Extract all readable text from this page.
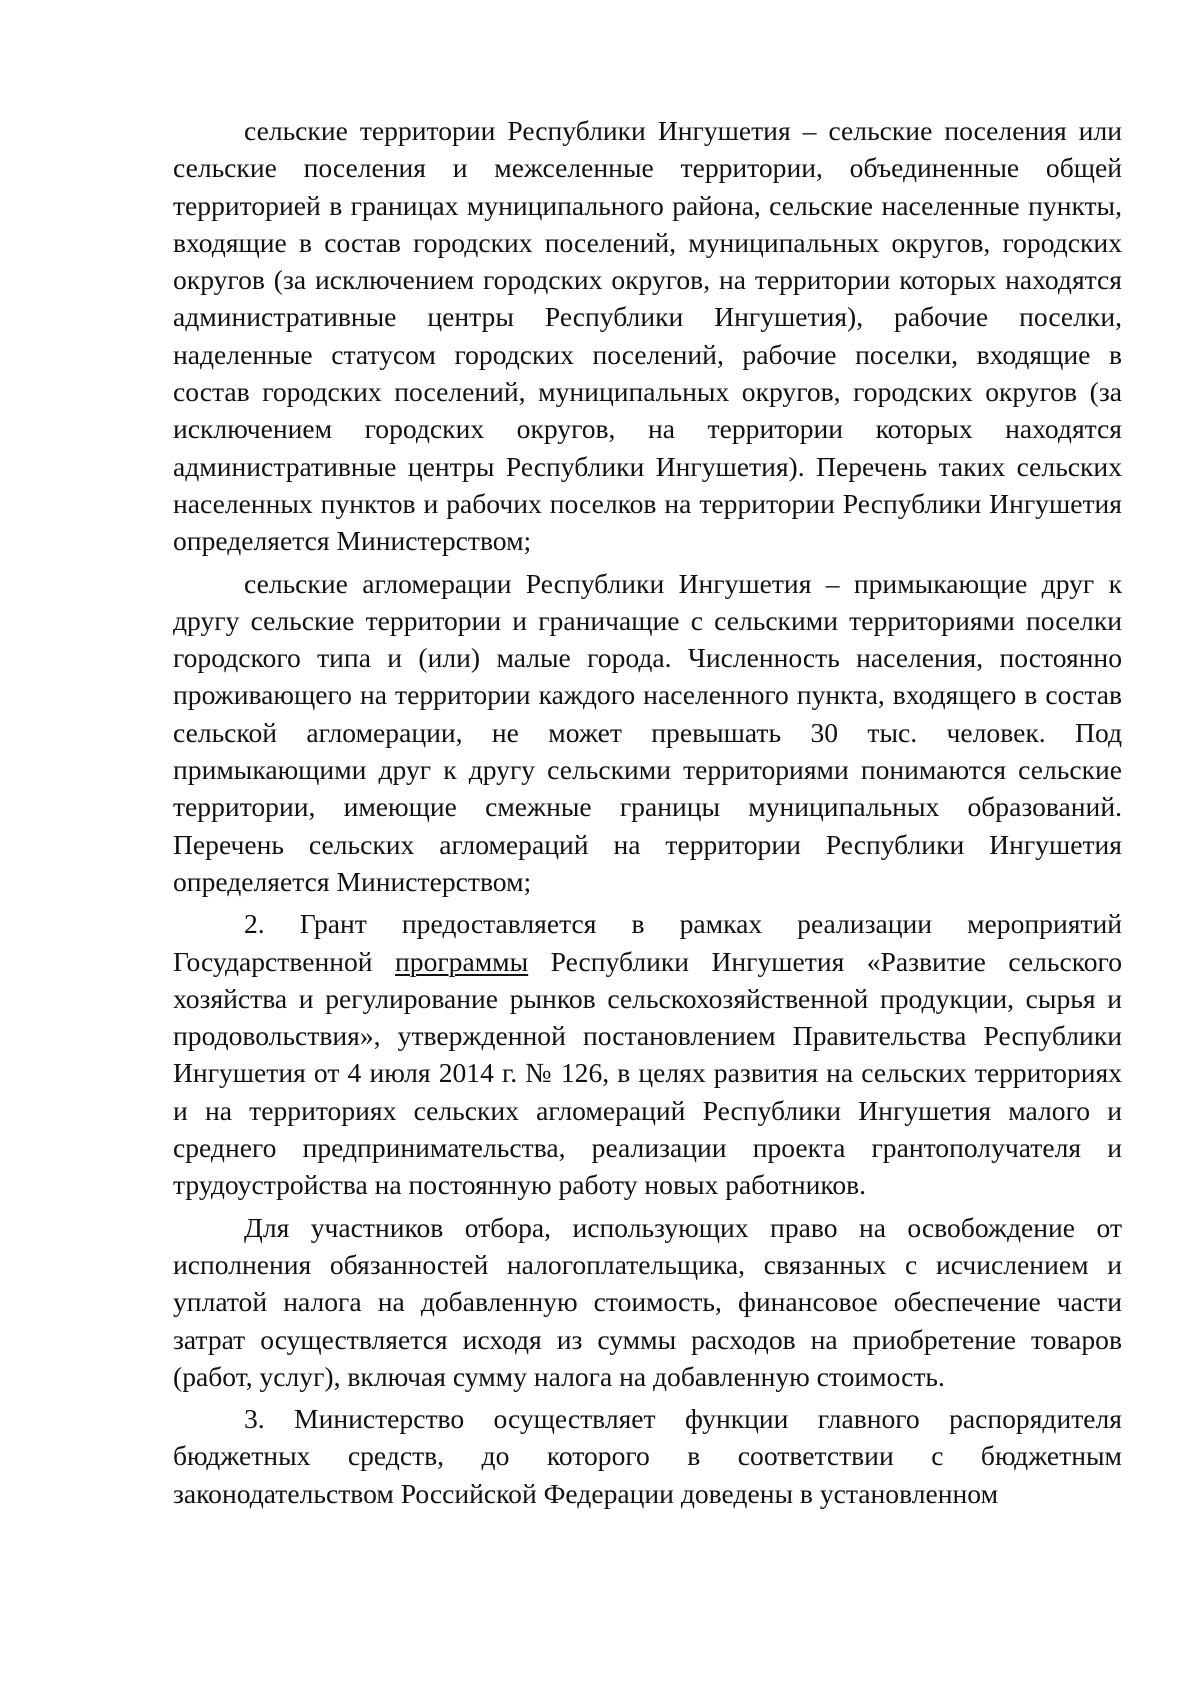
сельские территории Республики Ингушетия – сельские поселения или сельские поселения и межселенные территории, объединенные общей территорией в границах муниципального района, сельские населенные пункты, входящие в состав городских поселений, муниципальных округов, городских округов (за исключением городских округов, на территории которых находятся административные центры Республики Ингушетия), рабочие поселки, наделенные статусом городских поселений, рабочие поселки, входящие в состав городских поселений, муниципальных округов, городских округов (за исключением городских округов, на территории которых находятся административные центры Республики Ингушетия). Перечень таких сельских населенных пунктов и рабочих поселков на территории Республики Ингушетия определяется Министерством;

сельские агломерации Республики Ингушетия – примыкающие друг к другу сельские территории и граничащие с сельскими территориями поселки городского типа и (или) малые города. Численность населения, постоянно проживающего на территории каждого населенного пункта, входящего в состав сельской агломерации, не может превышать 30 тыс. человек. Под примыкающими друг к другу сельскими территориями понимаются сельские территории, имеющие смежные границы муниципальных образований. Перечень сельских агломераций на территории Республики Ингушетия определяется Министерством;

2. Грант предоставляется в рамках реализации мероприятий Государственной программы Республики Ингушетия «Развитие сельского хозяйства и регулирование рынков сельскохозяйственной продукции, сырья и продовольствия», утвержденной постановлением Правительства Республики Ингушетия от 4 июля 2014 г. № 126, в целях развития на сельских территориях и на территориях сельских агломераций Республики Ингушетия малого и среднего предпринимательства, реализации проекта грантополучателя и трудоустройства на постоянную работу новых работников.

Для участников отбора, использующих право на освобождение от исполнения обязанностей налогоплательщика, связанных с исчислением и уплатой налога на добавленную стоимость, финансовое обеспечение части затрат осуществляется исходя из суммы расходов на приобретение товаров (работ, услуг), включая сумму налога на добавленную стоимость.

3. Министерство осуществляет функции главного распорядителя бюджетных средств, до которого в соответствии с бюджетным законодательством Российской Федерации доведены в установленном
